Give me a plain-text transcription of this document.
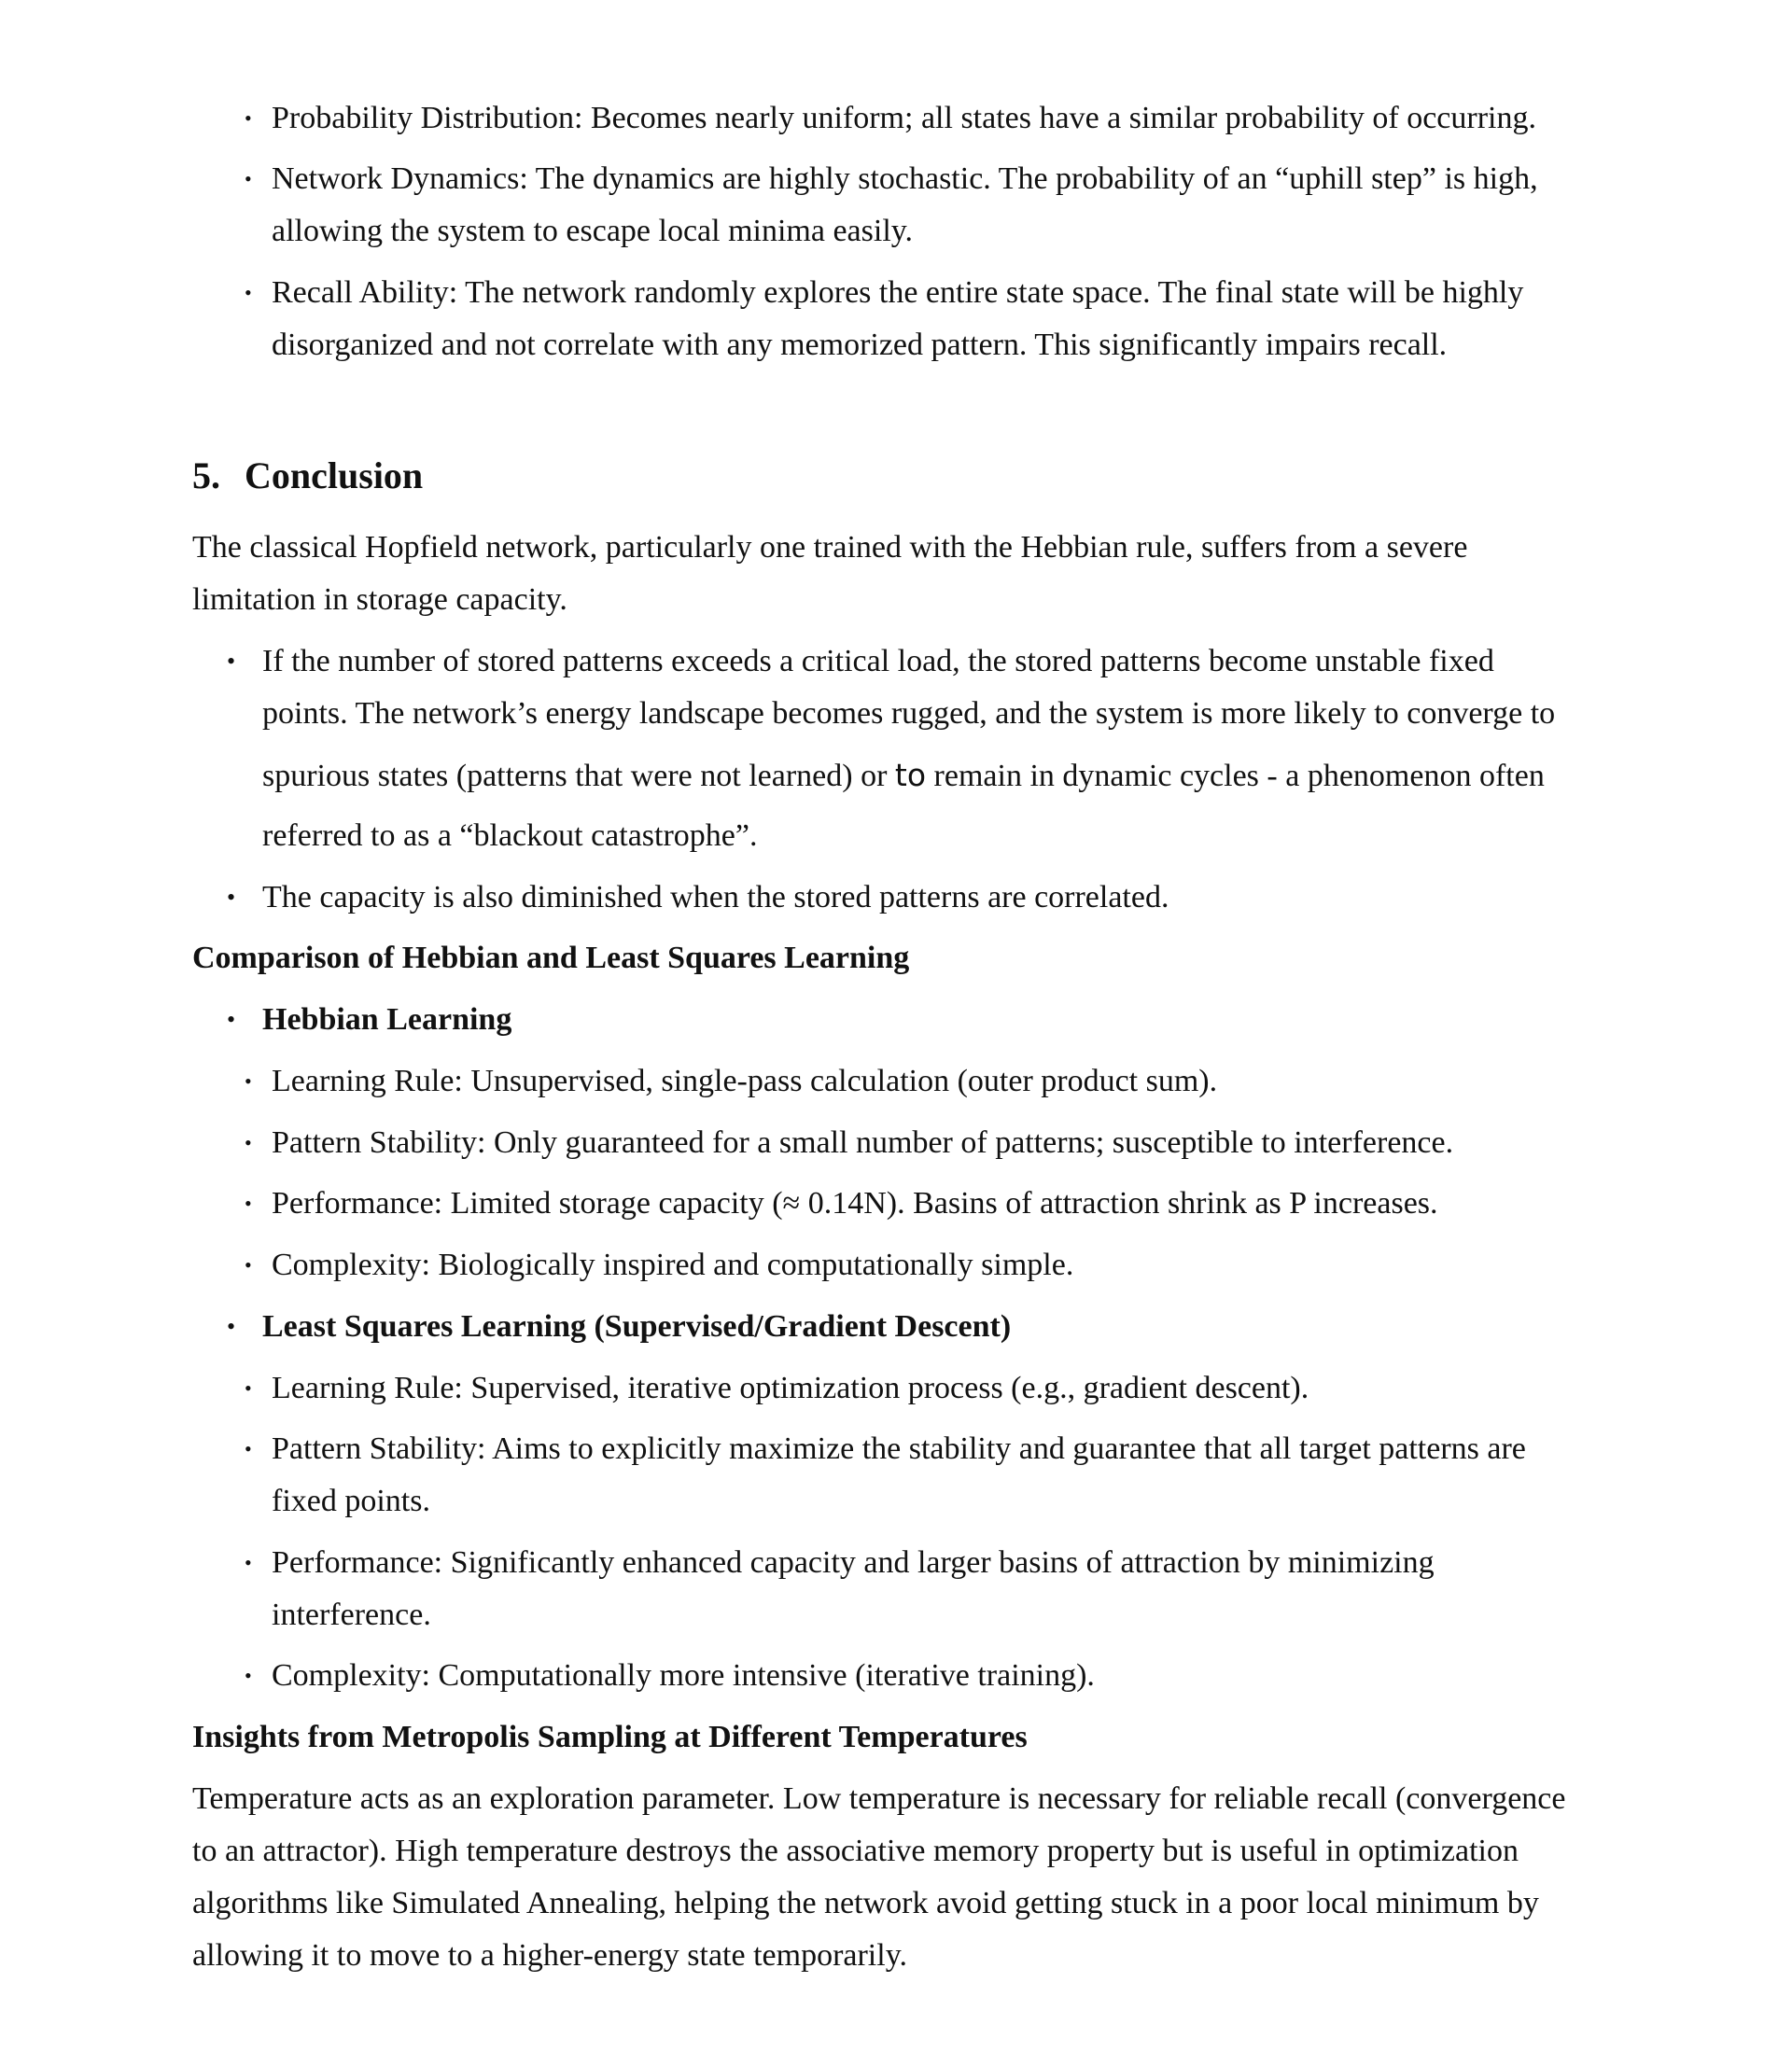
• Probability Distribution: Becomes nearly uniform; all states have a similar probability of occurring.
• Network Dynamics: The dynamics are highly stochastic. The probability of an “uphill step” is high,
allowing the system to escape local minima easily.
• Recall Ability: The network randomly explores the entire state space. The final state will be highly
disorganized and not correlate with any memorized pattern. This significantly impairs recall.
5. Conclusion

The classical Hopfield network, particularly one trained with the Hebbian rule, suffers from a severe

limitation in storage capacity.

• If the number of stored patterns exceeds a critical load, the stored patterns become unstable fixed
points. The network’s energy landscape becomes rugged, and the system is more likely to converge to
spurious states (patterns that were not learned) or to remain in dynamic cycles - a phenomenon often
referred to as a “blackout catastrophe”.
• The capacity is also diminished when the stored patterns are correlated.

Comparison of Hebbian and Least Squares Learning

• Hebbian Learning
• Learning Rule: Unsupervised, single-pass calculation (outer product sum).
• Pattern Stability: Only guaranteed for a small number of patterns; susceptible to interference.
• Performance: Limited storage capacity (≈ 0.14N). Basins of attraction shrink as P increases.
• Complexity: Biologically inspired and computationally simple.
• Least Squares Learning (Supervised/Gradient Descent)
• Learning Rule: Supervised, iterative optimization process (e.g., gradient descent).
• Pattern Stability: Aims to explicitly maximize the stability and guarantee that all target patterns are
fixed points.
• Performance: Significantly enhanced capacity and larger basins of attraction by minimizing
interference.
• Complexity: Computationally more intensive (iterative training).

Insights from Metropolis Sampling at Different Temperatures

Temperature acts as an exploration parameter. Low temperature is necessary for reliable recall (convergence

to an attractor). High temperature destroys the associative memory property but is useful in optimization

algorithms like Simulated Annealing, helping the network avoid getting stuck in a poor local minimum by

allowing it to move to a higher-energy state temporarily.
